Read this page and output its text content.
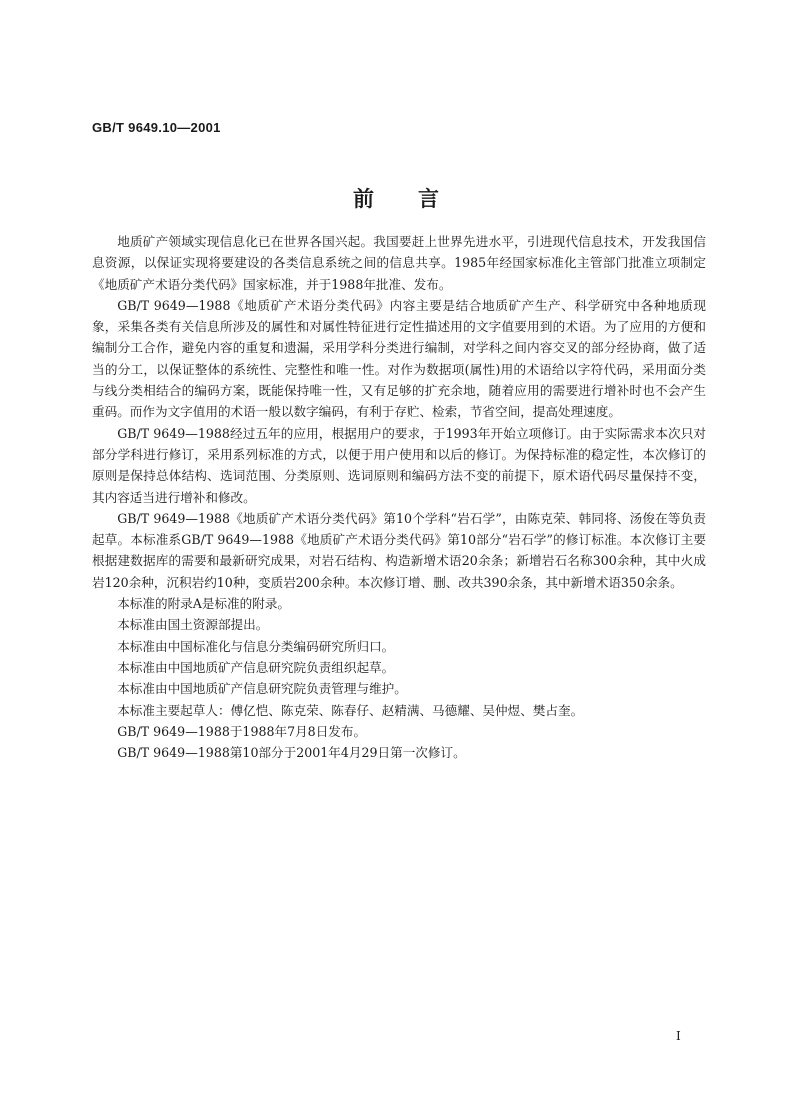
GB/T 9649.10—2001
前言

地质矿产领域实现信息化已在世界各国兴起。我国要赶上世界先进水平，引进现代信息技术，开发我国信息资源，以保证实现将要建设的各类信息系统之间的信息共享。1985年经国家标准化主管部门批准立项制定《地质矿产术语分类代码》国家标准，并于1988年批准、发布。

GB/T 9649—1988《地质矿产术语分类代码》内容主要是结合地质矿产生产、科学研究中各种地质现象，采集各类有关信息所涉及的属性和对属性特征进行定性描述用的文字值要用到的术语。为了应用的方便和编制分工合作，避免内容的重复和遗漏，采用学科分类进行编制，对学科之间内容交叉的部分经协商，做了适当的分工，以保证整体的系统性、完整性和唯一性。对作为数据项(属性)用的术语给以字符代码，采用面分类与线分类相结合的编码方案，既能保持唯一性，又有足够的扩充余地，随着应用的需要进行增补时也不会产生重码。而作为文字值用的术语一般以数字编码，有利于存贮、检索，节省空间，提高处理速度。

GB/T 9649—1988经过五年的应用，根据用户的要求，于1993年开始立项修订。由于实际需求本次只对部分学科进行修订，采用系列标准的方式，以便于用户使用和以后的修订。为保持标准的稳定性，本次修订的原则是保持总体结构、选词范围、分类原则、选词原则和编码方法不变的前提下，原术语代码尽量保持不变，其内容适当进行增补和修改。

GB/T 9649—1988《地质矿产术语分类代码》第10个学科“岩石学”，由陈克荣、韩同将、汤俊在等负责起草。本标准系GB/T 9649—1988《地质矿产术语分类代码》第10部分“岩石学”的修订标准。本次修订主要根据建数据库的需要和最新研究成果，对岩石结构、构造新增术语20余条；新增岩石名称300余种，其中火成岩120余种，沉积岩约10种，变质岩200余种。本次修订增、删、改共390余条，其中新增术语350余条。

本标准的附录A是标准的附录。

本标准由国土资源部提出。

本标准由中国标准化与信息分类编码研究所归口。

本标准由中国地质矿产信息研究院负责组织起草。

本标准由中国地质矿产信息研究院负责管理与维护。

本标准主要起草人：傅亿恺、陈克荣、陈春仔、赵精满、马德耀、吴仲煜、樊占奎。

GB/T 9649—1988于1988年7月8日发布。

GB/T 9649—1988第10部分于2001年4月29日第一次修订。

I
